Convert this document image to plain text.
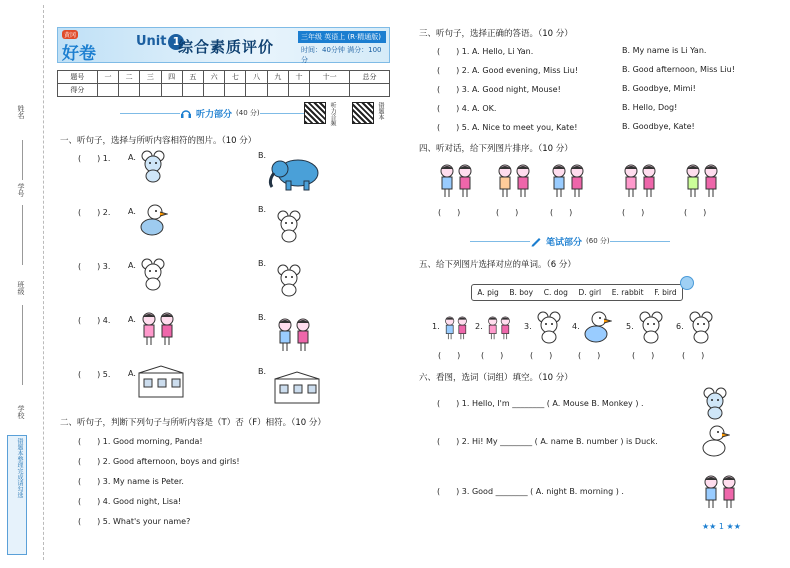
姓名
学号
班级
学校
错题本整理完成请勾选
黄冈
好卷
Unit 1
综合素质评价
三年级 英语上 (R·精通版)
时间：40分钟 满分：100分
题号	一	二	三	四	五	六	七	八	九	十	十一	总分
得分												
听力部分 (40 分)	听力音频	错题本
一、听句子，选择与所听内容相符的图片。（10 分）
(　　) 1. A.	B.
(　　) 2. A.	B.
(　　) 3. A.	B.
(　　) 4. A.	B.
(　　) 5. A.	B.
二、听句子，判断下列句子与所听内容是（T）否（F）相符。（10 分）
(　　) 1. Good morning, Panda!
(　　) 2. Good afternoon, boys and girls!
(　　) 3. My name is Peter.
(　　) 4. Good night, Lisa!
(　　) 5. What's your name?
三、听句子，选择正确的答语。（10 分）
(　　) 1. A. Hello, Li Yan.	B. My name is Li Yan.
(　　) 2. A. Good evening, Miss Liu!	B. Good afternoon, Miss Liu!
(　　) 3. A. Good night, Mouse!	B. Goodbye, Mimi!
(　　) 4. A. OK.	B. Hello, Dog!
(　　) 5. A. Nice to meet you, Kate!	B. Goodbye, Kate!
四、听对话，给下列图片排序。（10 分）
(　　)	(　　)	(　　)	(　　)	(　　)
笔试部分 (60 分)
五、给下列图片选择对应的单词。（6 分）
A. pig B. boy C. dog D. girl E. rabbit F. bird
1.
(　　)
2.
(　　)
3.
(　　)
4.
(　　)
5.
(　　)
6.
(　　)
六、看图，选词（词组）填空。（10 分）
(　　) 1. Hello, I'm ________ ( A. Mouse B. Monkey ) .
(　　) 2. Hi! My ________ ( A. name B. number ) is Duck.
(　　) 3. Good ________ ( A. night B. morning ) .
★★ 1 ★★
